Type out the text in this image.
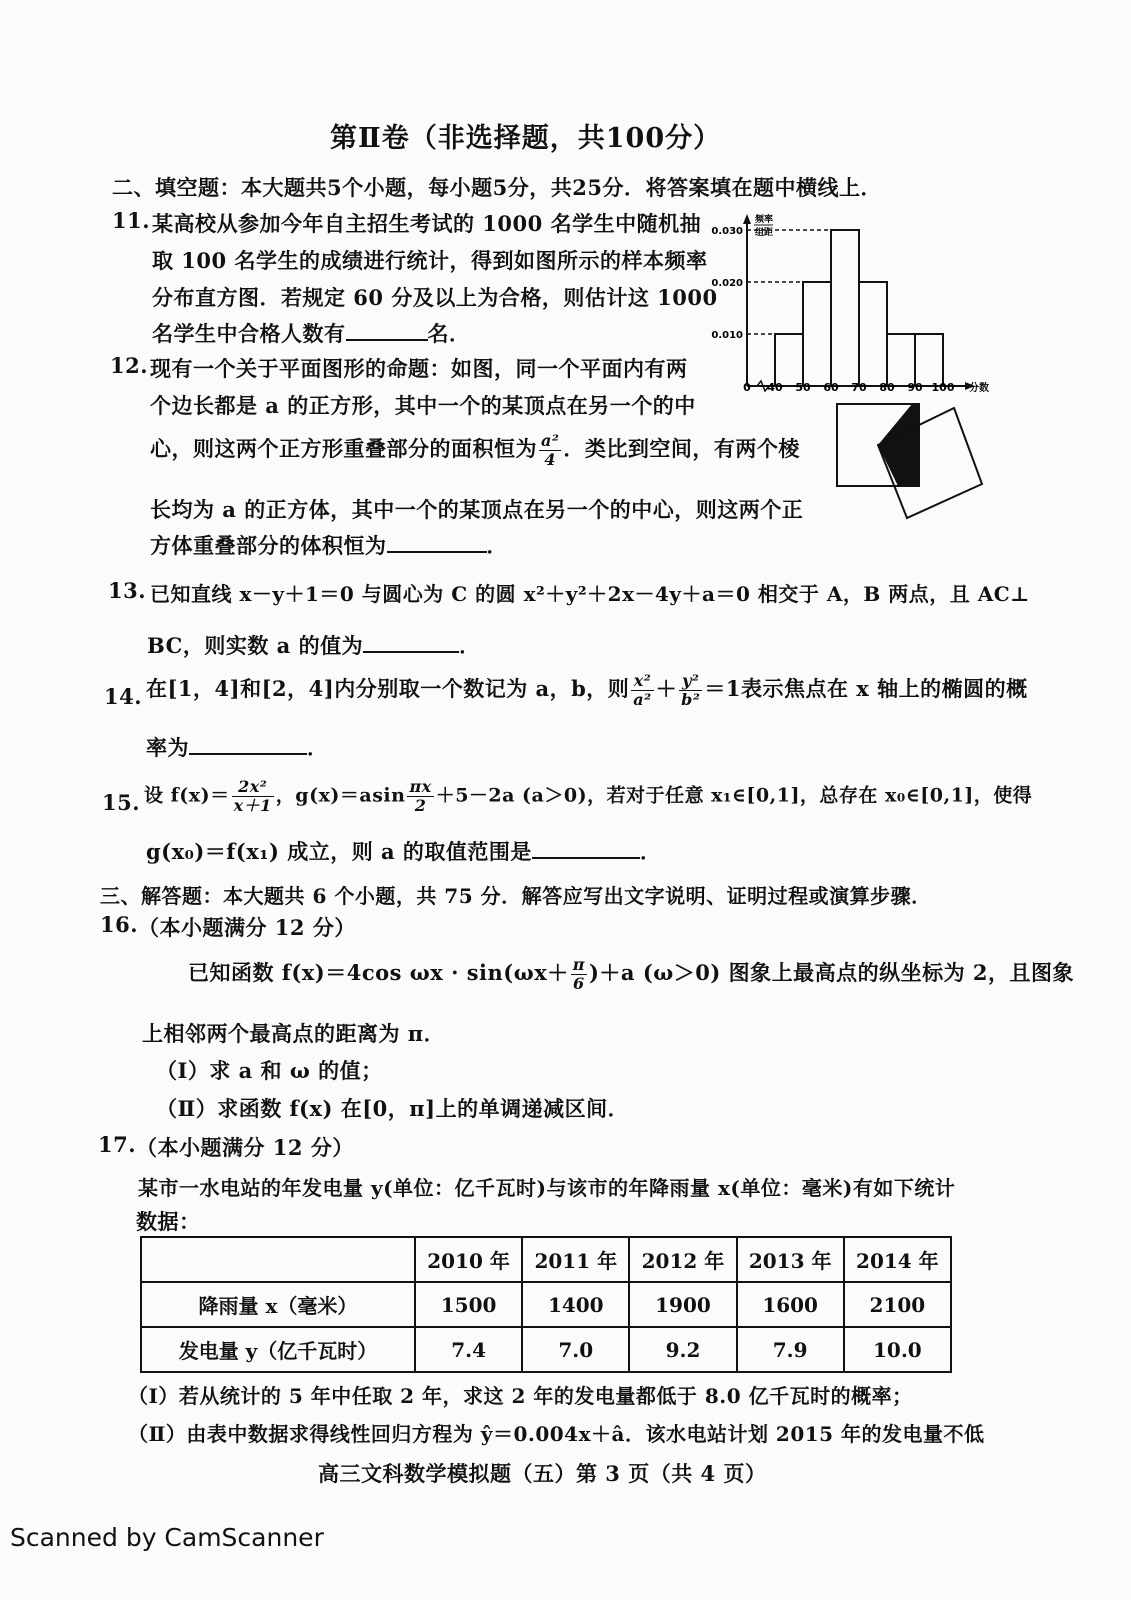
第Ⅱ卷（非选择题，共100分）
二、填空题：本大题共5个小题，每小题5分，共25分．将答案填在题中横线上．
11. 某高校从参加今年自主招生考试的 1000 名学生中随机抽
取 100 名学生的成绩进行统计，得到如图所示的样本频率
分布直方图．若规定 60 分及以上为合格，则估计这 1000
名学生中合格人数有	名．
频率
组距
0.030
0.020
0.010
0 40 50 60 70 80 90 100 分数
12. 现有一个关于平面图形的命题：如图，同一个平面内有两
个边长都是 a 的正方形，其中一个的某顶点在另一个的中
心，则这两个正方形重叠部分的面积恒为 $\frac{\text{a²}}{4}$ ．类比到空间，有两个棱
长均为 a 的正方体，其中一个的某顶点在另一个的中心，则这两个正
方体重叠部分的体积恒为	．
13. 已知直线 x－y＋1＝0 与圆心为 C 的圆 x²＋y²＋2x－4y＋a＝0 相交于 A，B 两点，且 AC⊥
BC，则实数 a 的值为	．
14. 在[1，4]和[2，4]内分别取一个数记为 a，b，则 $\frac{\text{x²}}{\text{a²}} + \frac{\text{y²}}{\text{b²}} =1$表示焦点在 x 轴上的椭圆的概
率为	．
15. 设 $f(x)= \frac{\text{2x²}}{x+1}$ ，$g(x)=asin \frac{\pi x}{2} +5-2a$ (a＞0)，若对于任意 x₁∈[0,1]，总存在 x₀∈[0,1]，使得
g(x₀)＝f(x₁) 成立，则 a 的取值范围是	．
三、解答题：本大题共 6 个小题，共 75 分．解答应写出文字说明、证明过程或演算步骤．
16. （本小题满分 12 分）
已知函数 f(x)＝4cos $\omega x \cdot \sin(\omega x+ \frac{\pi}{6} )+a$ (ω＞0) 图象上最高点的纵坐标为 2，且图象
上相邻两个最高点的距离为 π．
（Ⅰ）求 a 和 ω 的值；
（Ⅱ）求函数 f(x) 在[0，π]上的单调递减区间．
17. （本小题满分 12 分）
某市一水电站的年发电量 y(单位：亿千瓦时)与该市的年降雨量 x(单位：毫米)有如下统计
数据：
	2010 年	2011 年	2012 年	2013 年	2014 年
降雨量 x（毫米）	1500	1400	1900	1600	2100
发电量 y（亿千瓦时）	7.4	7.0	9.2	7.9	10.0
（Ⅰ）若从统计的 5 年中任取 2 年，求这 2 年的发电量都低于 8.0 亿千瓦时的概率；
（Ⅱ）由表中数据求得线性回归方程为 ŷ＝0.004x＋â．该水电站计划 2015 年的发电量不低
高三文科数学模拟题（五）第 3 页（共 4 页）
Scanned by CamScanner
